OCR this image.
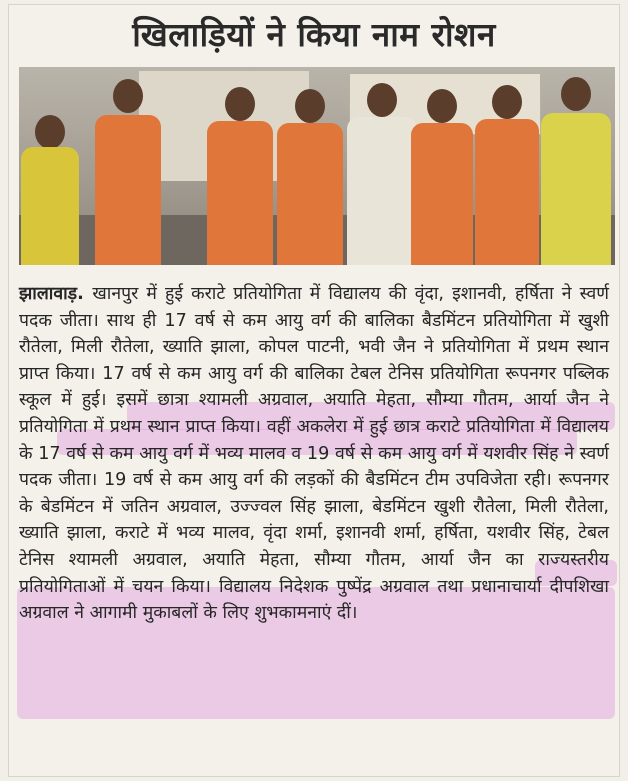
खिलाड़ियों ने किया नाम रोशन
झालावाड़. खानपुर में हुई कराटे प्रतियोगिता में विद्यालय की वृंदा, इशानवी, हर्षिता ने स्वर्ण पदक जीता। साथ ही 17 वर्ष से कम आयु वर्ग की बालिका बैडमिंटन प्रतियोगिता में खुशी रौतेला, मिली रौतेला, ख्याति झाला, कोपल पाटनी, भवी जैन ने प्रतियोगिता में प्रथम स्थान प्राप्त किया। 17 वर्ष से कम आयु वर्ग की बालिका टेबल टेनिस प्रतियोगिता रूपनगर पब्लिक स्कूल में हुई। इसमें छात्रा श्यामली अग्रवाल, अयाति मेहता, सौम्या गौतम, आर्या जैन ने प्रतियोगिता में प्रथम स्थान प्राप्त किया। वहीं अकलेरा में हुई छात्र कराटे प्रतियोगिता में विद्यालय के 17 वर्ष से कम आयु वर्ग में भव्य मालव व 19 वर्ष से कम आयु वर्ग में यशवीर सिंह ने स्वर्ण पदक जीता। 19 वर्ष से कम आयु वर्ग की लड़कों की बैडमिंटन टीम उपविजेता रही। रूपनगर के बेडमिंटन में जतिन अग्रवाल, उज्ज्वल सिंह झाला, बेडमिंटन खुशी रौतेला, मिली रौतेला, ख्याति झाला, कराटे में भव्य मालव, वृंदा शर्मा, इशानवी शर्मा, हर्षिता, यशवीर सिंह, टेबल टेनिस श्यामली अग्रवाल, अयाति मेहता, सौम्या गौतम, आर्या जैन का राज्यस्तरीय प्रतियोगिताओं में चयन किया। विद्यालय निदेशक पुष्पेंद्र अग्रवाल तथा प्रधानाचार्या दीपशिखा अग्रवाल ने आगामी मुकाबलों के लिए शुभकामनाएं दीं।
